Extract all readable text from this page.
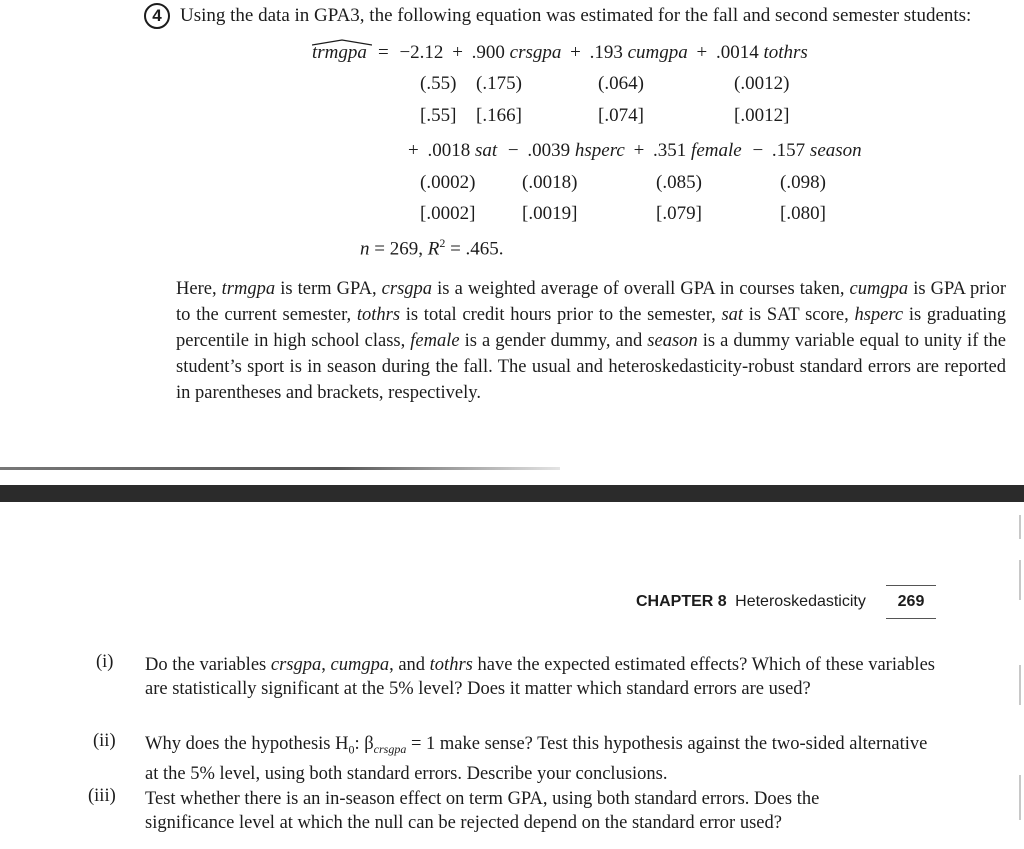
4 Using the data in GPA3, the following equation was estimated for the fall and second semester students:
trmgpa = −2.12 + .900 crsgpa + .193 cumgpa + .0014 tothrs
(.55) (.175)	(.064)	(.0012)
[.55] [.166]	[.074]	[.0012]
+ .0018 sat − .0039 hsperc + .351 female − .157 season
(.0002) (.0018)	(.085)	(.098)
[.0002] [.0019]	[.079]	[.080]
n = 269, $R^2 = .465$.
Here, trmgpa is term GPA, crsgpa is a weighted average of overall GPA in courses taken, cumgpa is GPA prior to the current semester, tothrs is total credit hours prior to the semester, sat is SAT score, hsperc is graduating percentile in high school class, female is a gender dummy, and season is a dummy variable equal to unity if the student’s sport is in season during the fall. The usual and heteroskedasticity-robust standard errors are reported in parentheses and brackets, respectively.
CHAPTER 8 Heteroskedasticity 269
(i) Do the variables crsgpa, cumgpa, and tothrs have the expected estimated effects? Which of these variables are statistically significant at the 5% level? Does it matter which standard errors are used?
(ii) Why does the hypothesis $H_0$: $\beta_{crsgpa} = 1$ make sense? Test this hypothesis against the two-sided alternative at the 5% level, using both standard errors. Describe your conclusions.
(iii) Test whether there is an in-season effect on term GPA, using both standard errors. Does the significance level at which the null can be rejected depend on the standard error used?
